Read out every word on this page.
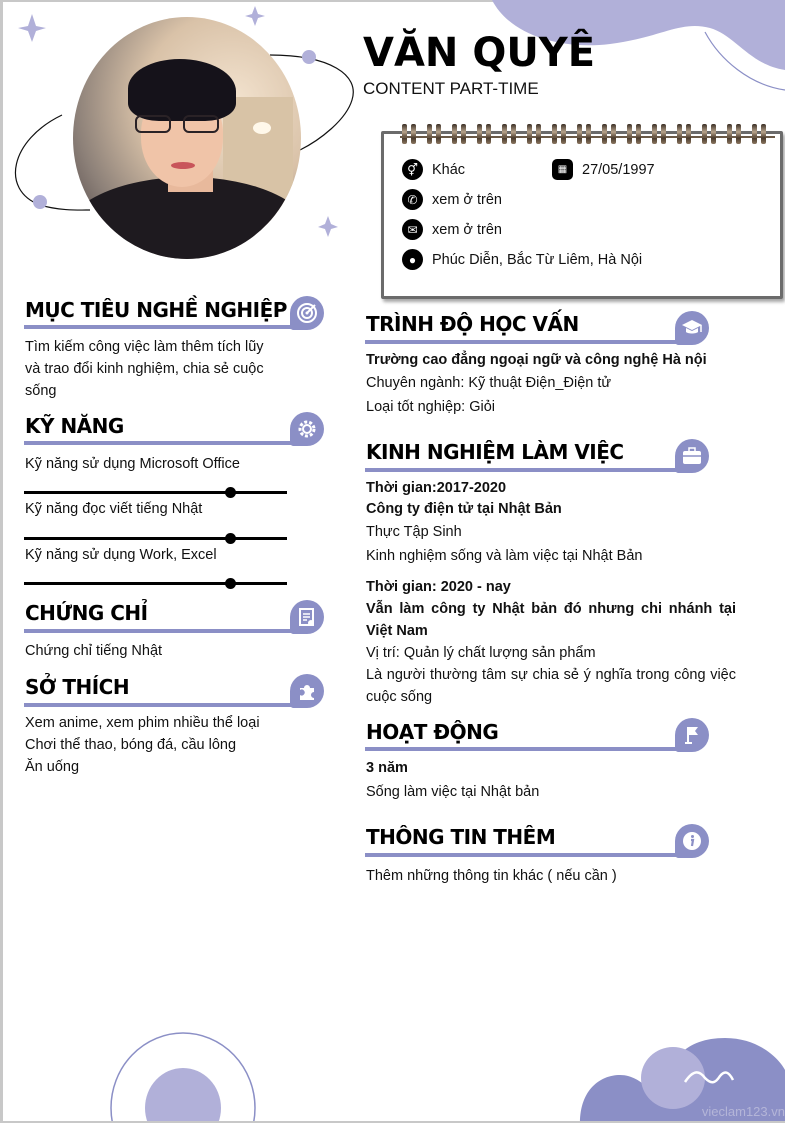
VĂN QUYÊ
CONTENT PART-TIME
⚥ Khác	▦	27/05/1997
✆ xem ở trên
✉ xem ở trên
●	Phúc Diễn, Bắc Từ Liêm, Hà Nội
MỤC TIÊU NGHỀ NGHIỆP
Tìm kiếm công việc làm thêm tích lũy
và trao đổi kinh nghiệm, chia sẻ cuộc
sống
KỸ NĂNG
Kỹ năng sử dụng Microsoft Office
Kỹ năng đọc viết tiếng Nhật
Kỹ năng sử dụng Work, Excel
CHỨNG CHỈ
Chứng chỉ tiếng Nhật
SỞ THÍCH
Xem anime, xem phim nhiều thể loại
Chơi thể thao, bóng đá, cầu lông
Ăn uống
TRÌNH ĐỘ HỌC VẤN
Trường cao đẳng ngoại ngữ và công nghệ Hà nội
Chuyên ngành: Kỹ thuật Điện_Điện tử
Loại tốt nghiệp: Giỏi
KINH NGHIỆM LÀM VIỆC
Thời gian:2017-2020
Công ty điện tử tại Nhật Bản
Thực Tập Sinh
Kinh nghiệm sống và làm việc tại Nhật Bản
Thời gian: 2020 - nay
Vẫn làm công ty Nhật bản đó nhưng chi nhánh tại Việt Nam
Vị trí: Quản lý chất lượng sản phẩm
Là người thường tâm sự chia sẻ ý nghĩa trong công việc cuộc sống
HOẠT ĐỘNG
3 năm
Sống làm việc tại Nhật bản
THÔNG TIN THÊM
Thêm những thông tin khác ( nếu cần )
vieclam123.vn
